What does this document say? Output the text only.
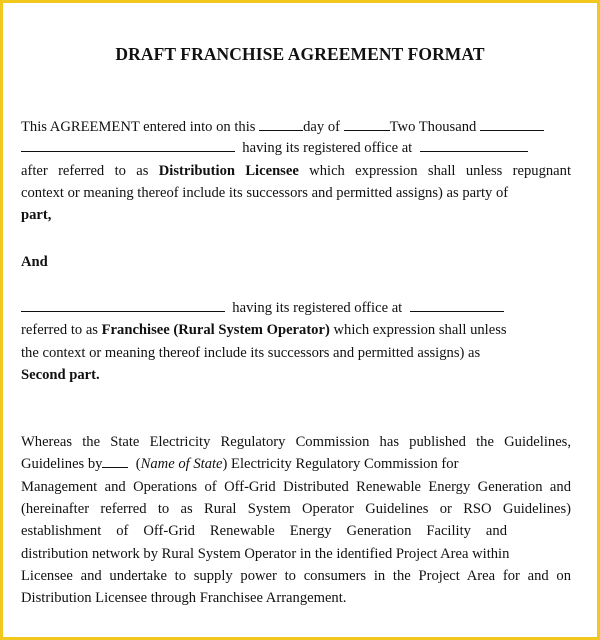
DRAFT FRANCHISE AGREEMENT FORMAT
This AGREEMENT entered into on this	day of	Two Thousand
having its registered office at
after referred to as Distribution Licensee which expression shall unless repugnant
context or meaning thereof include its successors and permitted assigns) as party of
part,
And
having its registered office at
referred to as Franchisee (Rural System Operator) which expression shall unless
the context or meaning thereof include its successors and permitted assigns) as
Second part.
Whereas the State Electricity Regulatory Commission has published the Guidelines,
Guidelines by (Name of State) Electricity Regulatory Commission for
Management and Operations of Off-Grid Distributed Renewable Energy Generation and
(hereinafter referred to as Rural System Operator Guidelines or RSO Guidelines)
establishment of Off-Grid Renewable Energy Generation Facility and
distribution network by Rural System Operator in the identified Project Area within
Licensee and undertake to supply power to consumers in the Project Area for and on
Distribution Licensee through Franchisee Arrangement.
